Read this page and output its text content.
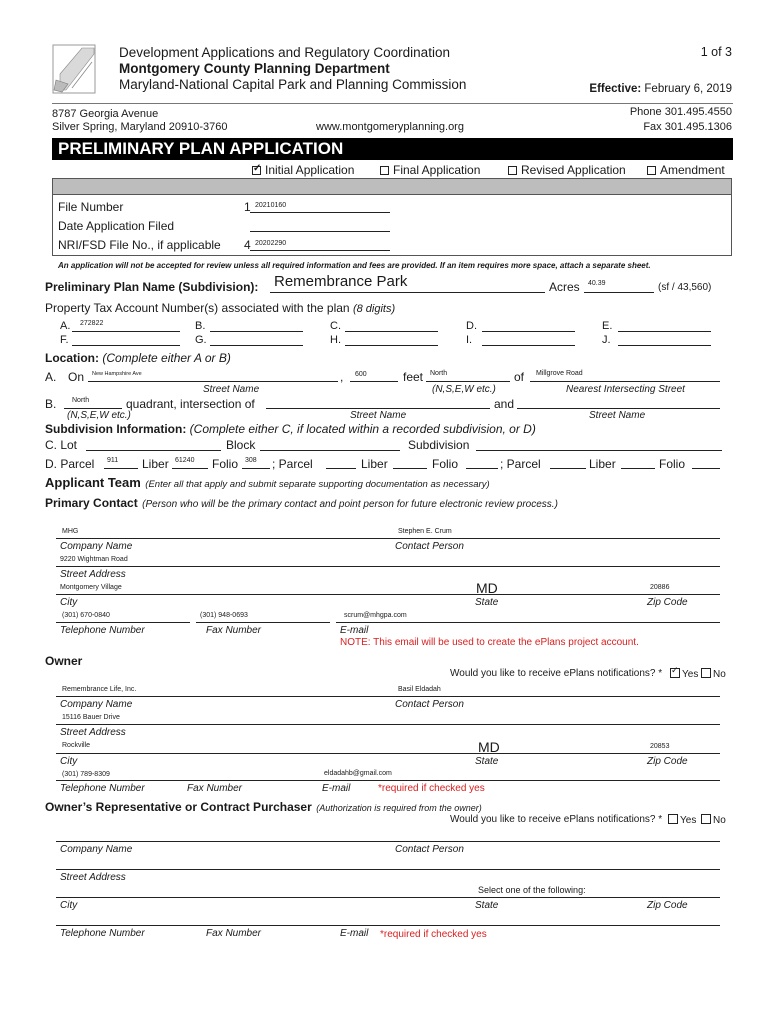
Development Applications and Regulatory Coordination
Montgomery County Planning Department
Maryland-National Capital Park and Planning Commission
1 of 3
Effective: February 6, 2019
8787 Georgia Avenue
Silver Spring, Maryland 20910-3760	www.montgomeryplanning.org
Phone 301.495.4550
Fax 301.495.1306
PRELIMINARY PLAN APPLICATION
✓Initial Application	Final Application	Revised Application	Amendment
File Number	1 20210160
Date Application Filed
NRI/FSD File No., if applicable 4 20202290
An application will not be accepted for review unless all required information and fees are provided. If an item requires more space, attach a separate sheet.
Preliminary Plan Name (Subdivision): Remembrance Park	Acres 40.39	(sf / 43,560)
Property Tax Account Number(s) associated with the plan (8 digits)
A. 272822	B.	C.	D.	E.
F.	G.	H.	I.	J.
Location: (Complete either A or B)
A. On New Hampshire Ave	, 600	feet North	of Millgrove Road
Street Name	(N,S,E,W etc.)	Nearest Intersecting Street
B. North	quadrant, intersection of	and
(N,S,E,W etc.)	Street Name	Street Name
Subdivision Information: (Complete either C, if located within a recorded subdivision, or D)
C. Lot	Block	Subdivision
D. Parcel 911 Liber 61240 Folio 308 ; Parcel	Liber	Folio	; Parcel	Liber	Folio
Applicant Team (Enter all that apply and submit separate supporting documentation as necessary)
Primary Contact (Person who will be the primary contact and point person for future electronic review process.)
MHG	Stephen E. Crum
Company Name	Contact Person
9220 Wightman Road
Street Address
Montgomery Village	MD	20886
City	State	Zip Code
(301) 670-0840	(301) 948-0693	scrum@mhgpa.com
Telephone Number	Fax Number	E-mail
NOTE: This email will be used to create the ePlans project account.
Owner
Would you like to receive ePlans notifications? *
✓	Yes	No
Remembrance Life, Inc.	Basil Eldadah
Company Name	Contact Person
15116 Bauer Drive
Street Address
Rockville	MD	20853
City	State	Zip Code
(301) 789-8309	eldadahb@gmail.com
Telephone Number	Fax Number	E-mail	*required if checked yes
Owner’s Representative or Contract Purchaser (Authorization is required from the owner)
Would you like to receive ePlans notifications? *	Yes	No
Company Name	Contact Person
Street Address
Select one of the following:
City	State	Zip Code
Telephone Number	Fax Number	E-mail *required if checked yes
